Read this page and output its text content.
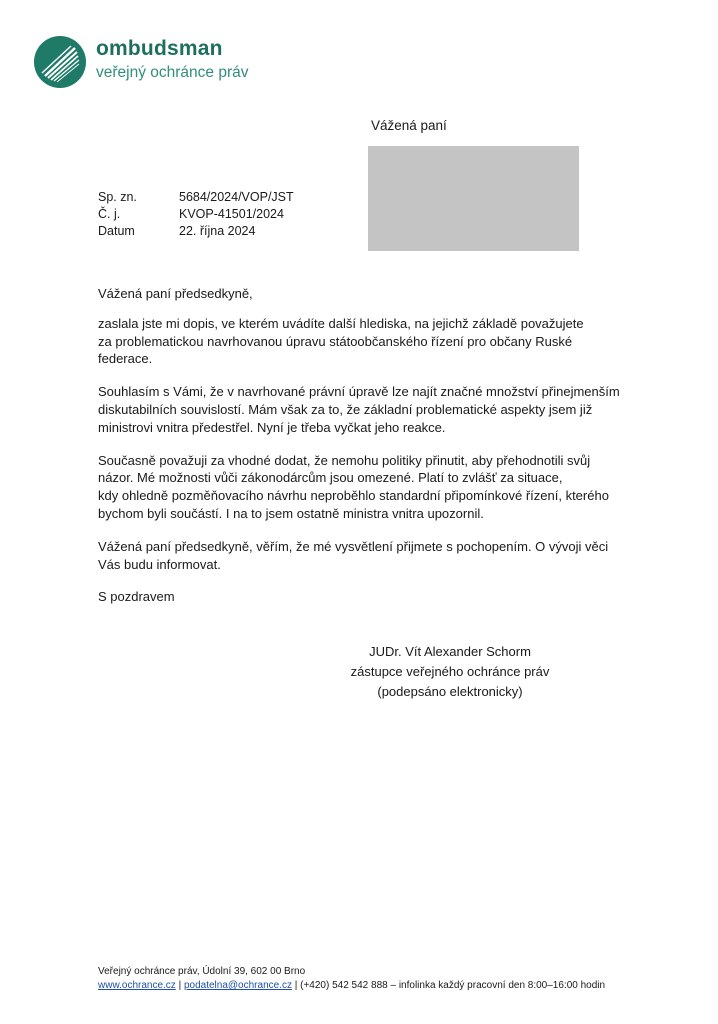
ombudsman
veřejný ochránce práv
Vážená paní
Sp. zn.	5684/2024/VOP/JST
Č. j.	KVOP-41501/2024
Datum	22. října 2024

Vážená paní předsedkyně,

zaslala jste mi dopis, ve kterém uvádíte další hlediska, na jejichž základě považujete
za problematickou navrhovanou úpravu státoobčanského řízení pro občany Ruské
federace.

Souhlasím s Vámi, že v navrhované právní úpravě lze najít značné množství přinejmenším
diskutabilních souvislostí. Mám však za to, že základní problematické aspekty jsem již
ministrovi vnitra předestřel. Nyní je třeba vyčkat jeho reakce.

Současně považuji za vhodné dodat, že nemohu politiky přinutit, aby přehodnotili svůj
názor. Mé možnosti vůči zákonodárcům jsou omezené. Platí to zvlášť za situace,
kdy ohledně pozměňovacího návrhu neproběhlo standardní připomínkové řízení, kterého
bychom byli součástí. I na to jsem ostatně ministra vnitra upozornil.

Vážená paní předsedkyně, věřím, že mé vysvětlení přijmete s pochopením. O vývoji věci
Vás budu informovat.

S pozdravem

JUDr. Vít Alexander Schorm
zástupce veřejného ochránce práv
(podepsáno elektronicky)
Veřejný ochránce práv, Údolní 39, 602 00 Brno
www.ochrance.cz | podatelna@ochrance.cz | (+420) 542 542 888 – infolinka každý pracovní den 8:00–16:00 hodin
